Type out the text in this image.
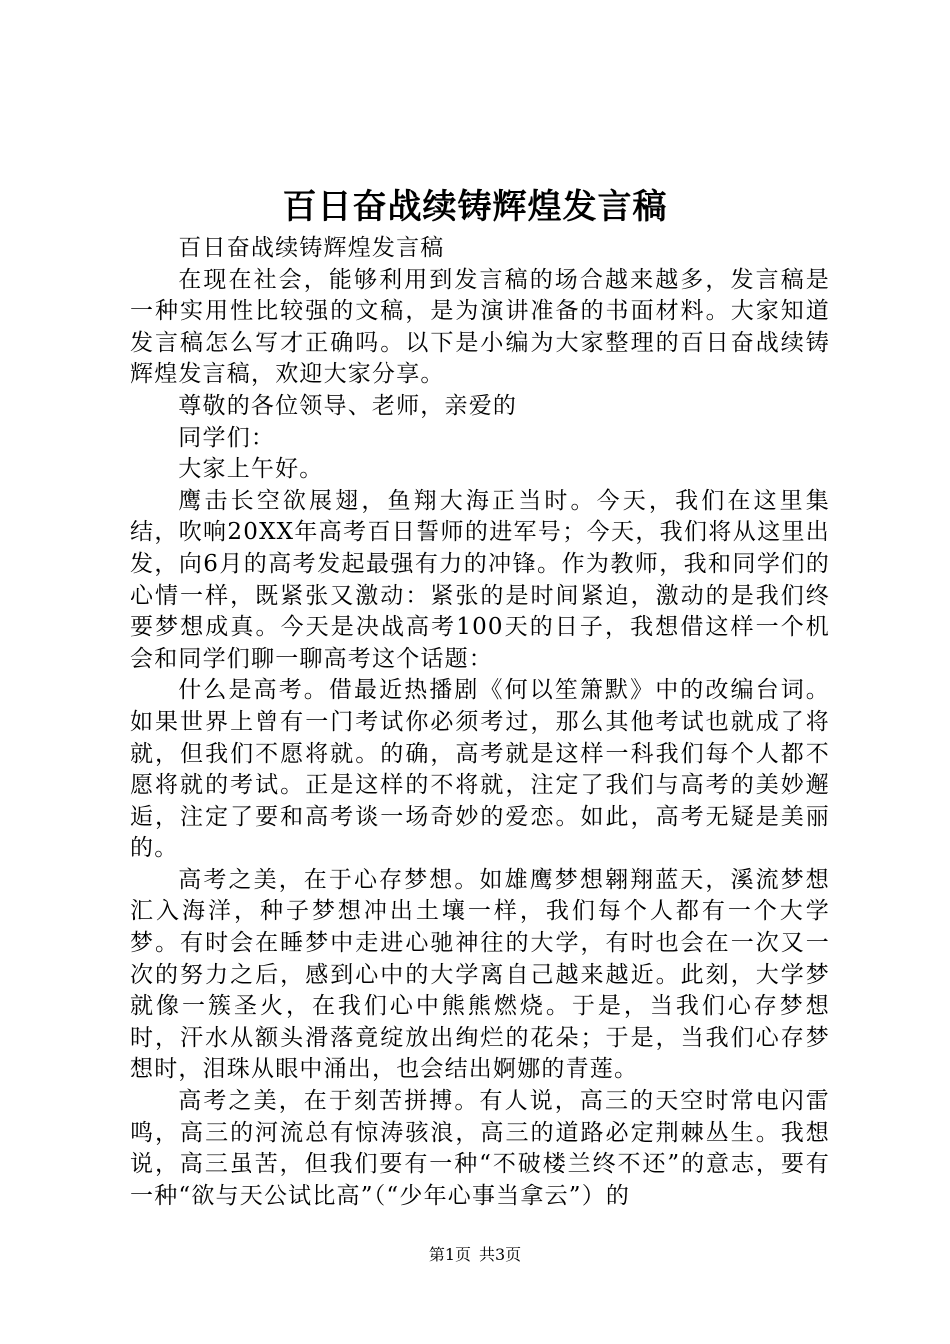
百日奋战续铸辉煌发言稿

百日奋战续铸辉煌发言稿

在现在社会，能够利用到发言稿的场合越来越多，发言稿是一种实用性比较强的文稿，是为演讲准备的书面材料。大家知道发言稿怎么写才正确吗。以下是小编为大家整理的百日奋战续铸辉煌发言稿，欢迎大家分享。

尊敬的各位领导、老师，亲爱的

同学们：

大家上午好。

鹰击长空欲展翅，鱼翔大海正当时。今天，我们在这里集结，吹响20XX年高考百日誓师的进军号；今天，我们将从这里出发，向6月的高考发起最强有力的冲锋。作为教师，我和同学们的心情一样，既紧张又激动：紧张的是时间紧迫，激动的是我们终要梦想成真。今天是决战高考100天的日子，我想借这样一个机会和同学们聊一聊高考这个话题：

什么是高考。借最近热播剧《何以笙箫默》中的改编台词。如果世界上曾有一门考试你必须考过，那么其他考试也就成了将就，但我们不愿将就。的确，高考就是这样一科我们每个人都不愿将就的考试。正是这样的不将就，注定了我们与高考的美妙邂逅，注定了要和高考谈一场奇妙的爱恋。如此，高考无疑是美丽的。

高考之美，在于心存梦想。如雄鹰梦想翱翔蓝天，溪流梦想汇入海洋，种子梦想冲出土壤一样，我们每个人都有一个大学梦。有时会在睡梦中走进心驰神往的大学，有时也会在一次又一次的努力之后，感到心中的大学离自己越来越近。此刻，大学梦就像一簇圣火，在我们心中熊熊燃烧。于是，当我们心存梦想时，汗水从额头滑落竟绽放出绚烂的花朵；于是，当我们心存梦想时，泪珠从眼中涌出，也会结出婀娜的青莲。

高考之美，在于刻苦拼搏。有人说，高三的天空时常电闪雷鸣，高三的河流总有惊涛骇浪，高三的道路必定荆棘丛生。我想说，高三虽苦，但我们要有一种“不破楼兰终不还”的意志，要有一种“欲与天公试比高”（“少年心事当拿云”）的

第1页 共3页
